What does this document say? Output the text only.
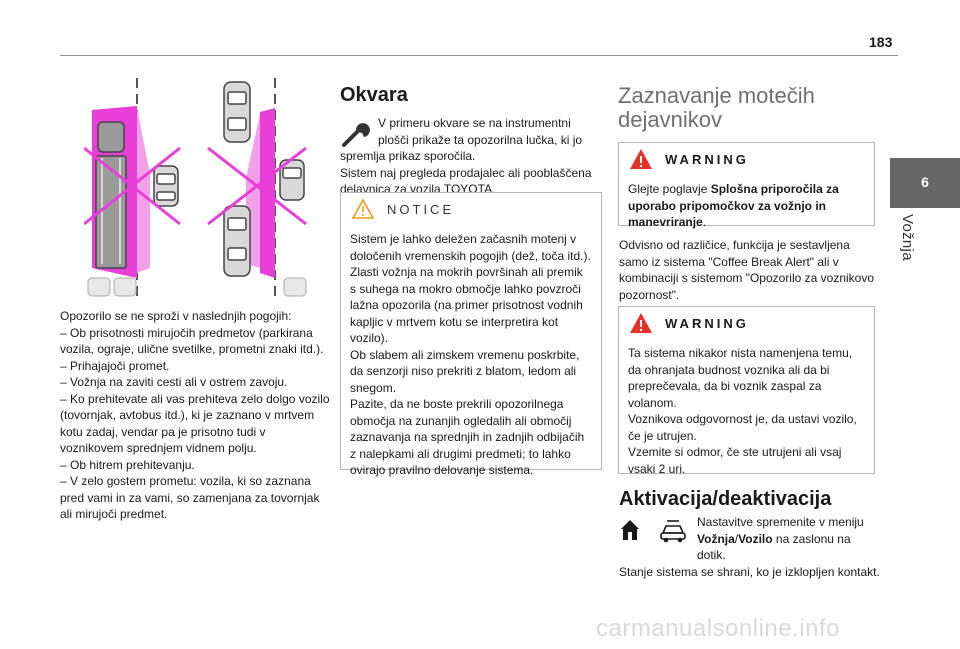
183
6
Vožnja

Opozorilo se ne sproži v naslednjih pogojih:

– Ob prisotnosti mirujočih predmetov (parkirana vozila, ograje, ulične svetilke, prometni znaki itd.).

– Prihajajoči promet.

– Vožnja na zaviti cesti ali v ostrem zavoju.

– Ko prehitevate ali vas prehiteva zelo dolgo vozilo (tovornjak, avtobus itd.), ki je zaznano v mrtvem kotu zadaj, vendar pa je prisotno tudi v voznikovem sprednjem vidnem polju.

– Ob hitrem prehitevanju.

– V zelo gostem prometu: vozila, ki so zaznana pred vami in za vami, so zamenjana za tovornjak ali mirujoči predmet.

Okvara
V primeru okvare se na instrumentni plošči prikaže ta opozorilna lučka, ki jo

spremlja prikaz sporočila.

Sistem naj pregleda prodajalec ali pooblaščena delavnica za vozila TOYOTA.

NOTICE
Sistem je lahko deležen začasnih motenj v določenih vremenskih pogojih (dež, toča itd.).
Zlasti vožnja na mokrih površinah ali premik s suhega na mokro območje lahko povzroči lažna opozorila (na primer prisotnost vodnih kapljic v mrtvem kotu se interpretira kot vozilo).
Ob slabem ali zimskem vremenu poskrbite, da senzorji niso prekriti z blatom, ledom ali snegom.
Pazite, da ne boste prekrili opozorilnega območja na zunanjih ogledalih ali območij zaznavanja na sprednjih in zadnjih odbijačih z nalepkami ali drugimi predmeti; to lahko ovirajo pravilno delovanje sistema.
Zaznavanje motečih dejavnikov
WARNING
Glejte poglavje Splošna priporočila za uporabo pripomočkov za vožnjo in manevriranje.
Odvisno od različice, funkcija je sestavljena samo iz sistema "Coffee Break Alert" ali v kombinaciji s sistemom "Opozorilo za voznikovo pozornost".
WARNING
Ta sistema nikakor nista namenjena temu, da ohranjata budnost voznika ali da bi preprečevala, da bi voznik zaspal za volanom.
Voznikova odgovornost je, da ustavi vozilo, če je utrujen.
Vzemite si odmor, če ste utrujeni ali vsaj vsaki 2 uri.
Aktivacija/deaktivacija
Nastavitve spremenite v meniju
Vožnja/Vozilo na zaslonu na dotik.
Stanje sistema se shrani, ko je izklopljen kontakt.
carmanualsonline.info
